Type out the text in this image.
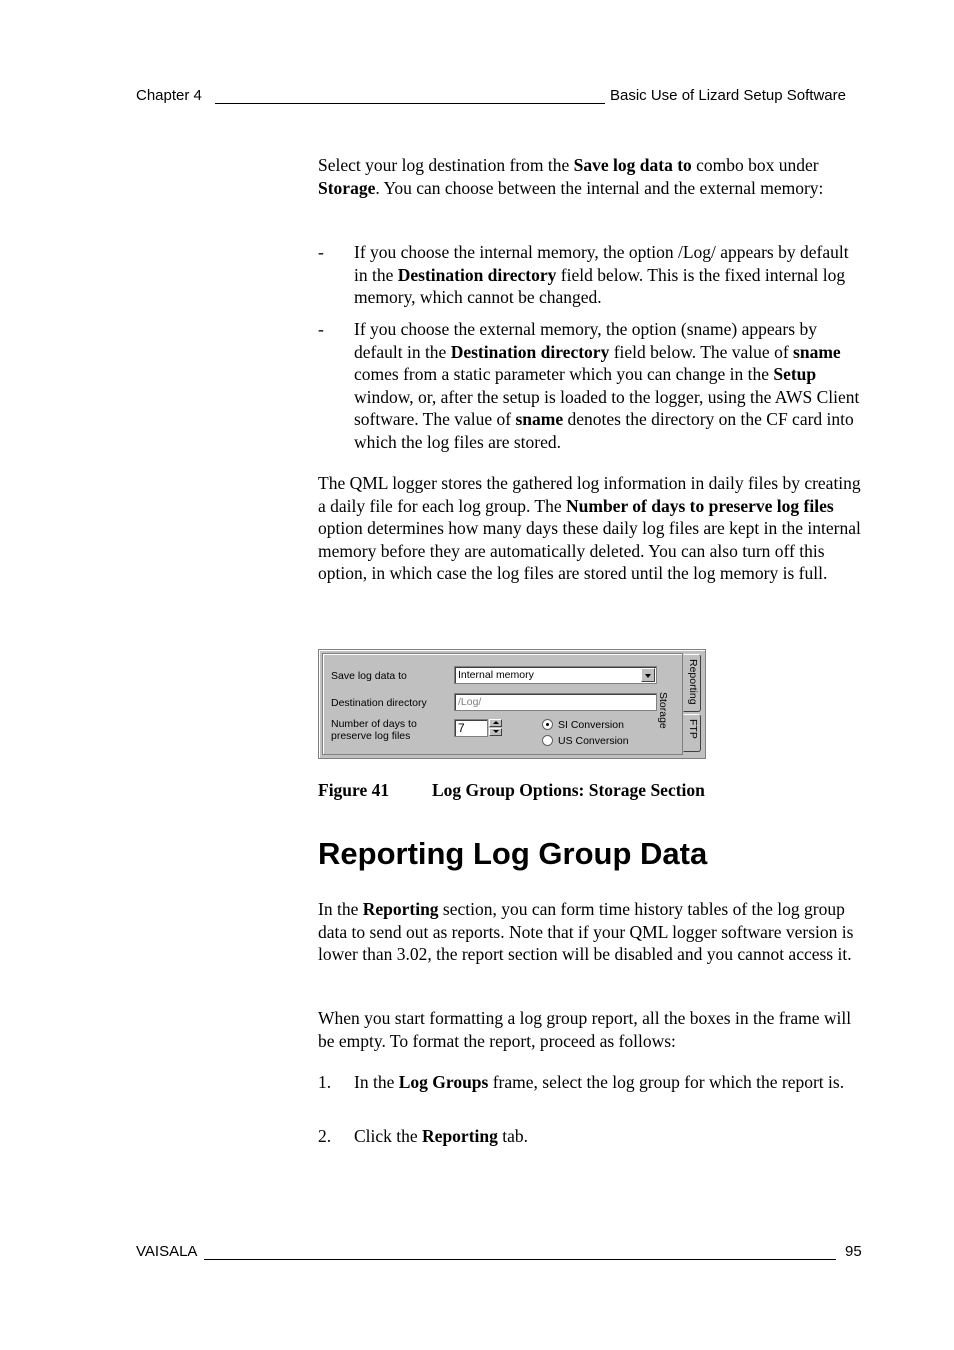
Chapter 4	Basic Use of Lizard Setup Software

Select your log destination from the Save log data to combo box under Storage. You can choose between the internal and the external memory:

- If you choose the internal memory, the option /Log/ appears by default in the Destination directory field below. This is the fixed internal log memory, which cannot be changed.
- If you choose the external memory, the option (sname) appears by default in the Destination directory field below. The value of sname comes from a static parameter which you can change in the Setup window, or, after the setup is loaded to the logger, using the AWS Client software. The value of sname denotes the directory on the CF card into which the log files are stored.

The QML logger stores the gathered log information in daily files by creating a daily file for each log group. The Number of days to preserve log files option determines how many days these daily log files are kept in the internal memory before they are automatically deleted. You can also turn off this option, in which case the log files are stored until the log memory is full.

Save log data to	Internal memory
Destination directory	/Log/
Number of days to
preserve log files
7	SI Conversion
US Conversion
Storage
Reporting
FTP
Figure 41 Log Group Options: Storage Section
Reporting Log Group Data

In the Reporting section, you can form time history tables of the log group data to send out as reports. Note that if your QML logger software version is lower than 3.02, the report section will be disabled and you cannot access it.

When you start formatting a log group report, all the boxes in the frame will be empty. To format the report, proceed as follows:

1. In the Log Groups frame, select the log group for which the report is.
2. Click the Reporting tab.
VAISALA	95
